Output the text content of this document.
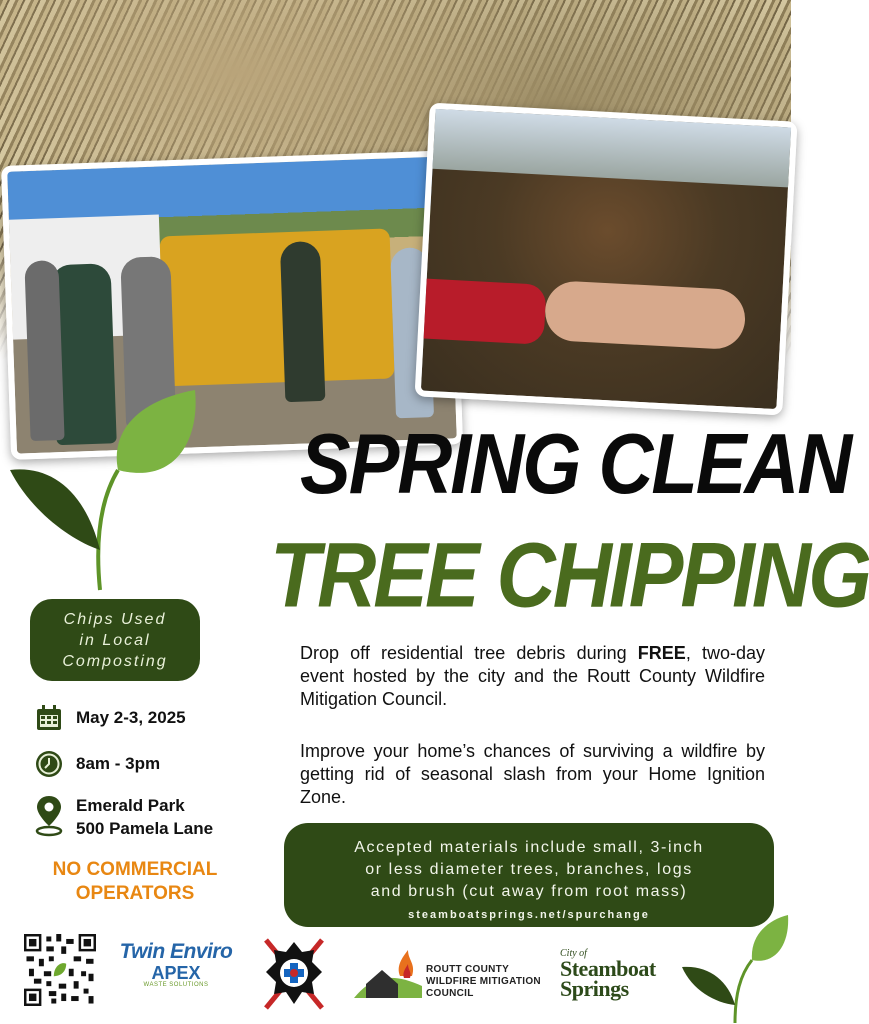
SPRING CLEAN
TREE CHIPPING
Chips Used
in Local
Composting
May 2-3, 2025
8am - 3pm
Emerald Park
500 Pamela Lane
NO COMMERCIAL
OPERATORS
Drop off residential tree debris during FREE, two-day event hosted by the city and the Routt County Wildfire Mitigation Council.
Improve your home’s chances of surviving a wildfire by getting rid of seasonal slash from your Home Ignition Zone.
Accepted materials include small, 3-inch
or less diameter trees, branches, logs
and brush (cut away from root mass)
steamboatsprings.net/spurchange
Twin Enviro
APEX
WASTE SOLUTIONS
ROUTT COUNTY
WILDFIRE MITIGATION
COUNCIL
City of
Steamboat
Springs
